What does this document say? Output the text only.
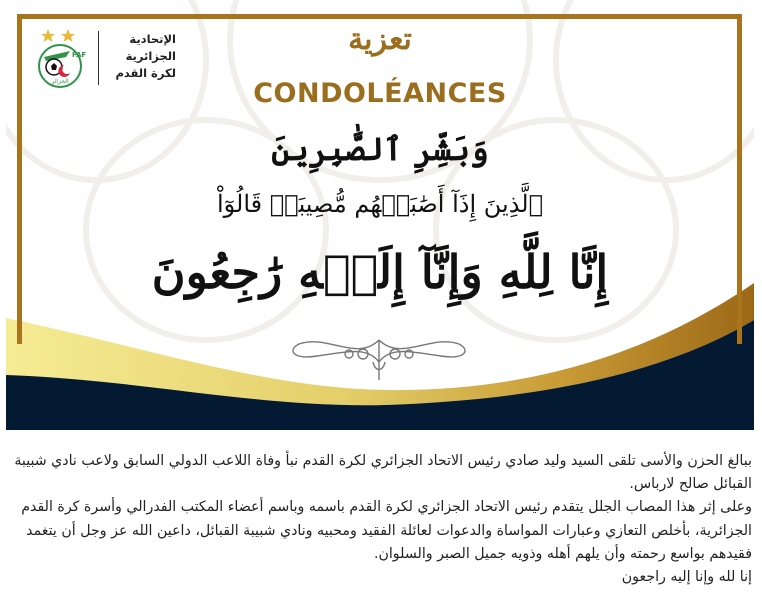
FAF
الجزائر
الإتحادية
الجزائرية
لكرة القدم
تعزية
CONDOLÉANCES
وَبَشِّرِ ٱلصَّٰبِرِينَ
ٱلَّذِينَ إِذَآ أَصَٰبَتۡهُم مُّصِيبَةٞ قَالُوٓاْ
إِنَّا لِلَّهِ وَإِنَّآ إِلَيۡهِ رَٰجِعُونَ

ببالغ الحزن والأسى تلقى السيد وليد صادي رئيس الاتحاد الجزائري لكرة القدم نبأ وفاة اللاعب الدولي السابق ولاعب نادي شبيبة القبائل صالح لارباس.

وعلى إثر هذا المصاب الجلل يتقدم رئيس الاتحاد الجزائري لكرة القدم باسمه وباسم أعضاء المكتب الفدرالي وأسرة كرة القدم الجزائرية، بأخلص التعازي وعبارات المواساة والدعوات لعائلة الفقيد ومحبيه ونادي شبيبة القبائل، داعين الله عز وجل أن يتغمد فقيدهم بواسع رحمته وأن يلهم أهله وذويه جميل الصبر والسلوان.

إنا لله وإنا إليه راجعون
